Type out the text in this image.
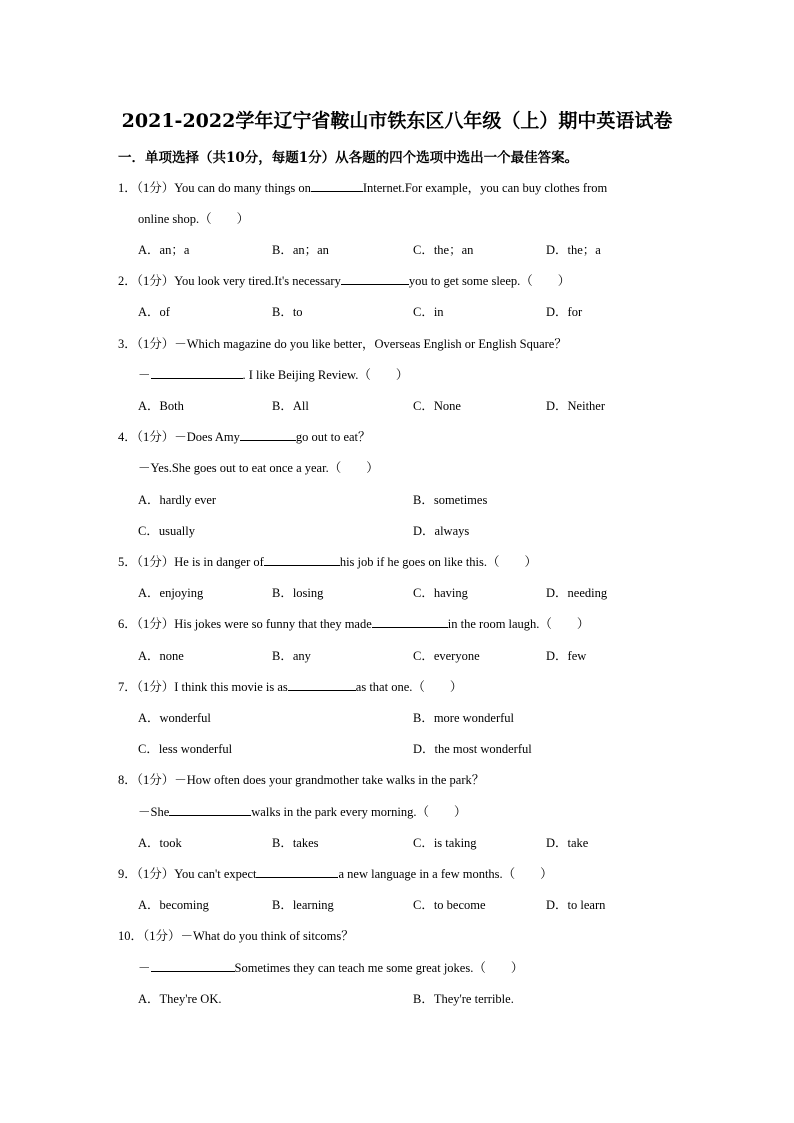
2021-2022学年辽宁省鞍山市铁东区八年级（上）期中英语试卷
一．单项选择（共10分，每题1分）从各题的四个选项中选出一个最佳答案。
1．（1分）You can do many things on	Internet.For example，you can buy clothes from
online shop.（　　）
A．an；a	B．an；an	C．the；an	D．the；a
2．（1分）You look very tired.It's necessary	you to get some sleep.（　　）
A．of	B．to	C．in	D．for
3．（1分）－Which magazine do you like better，Overseas English or English Square？
－	. I like Beijing Review.（　　）
A．Both	B．All	C．None	D．Neither
4．（1分）－Does Amy	go out to eat？
－Yes.She goes out to eat once a year.（　　）
A．hardly ever	B．sometimes
C．usually	D．always
5．（1分）He is in danger of	his job if he goes on like this.（　　）
A．enjoying	B．losing	C．having	D．needing
6．（1分）His jokes were so funny that they made	in the room laugh.（　　）
A．none	B．any	C．everyone	D．few
7．（1分）I think this movie is as	as that one.（　　）
A．wonderful	B．more wonderful
C．less wonderful	D．the most wonderful
8．（1分）－How often does your grandmother take walks in the park？
－She	walks in the park every morning.（　　）
A．took	B．takes	C．is taking	D．take
9．（1分）You can't expect	a new language in a few months.（　　）
A．becoming	B．learning	C．to become	D．to learn
10．（1分）－What do you think of sitcoms？
－	Sometimes they can teach me some great jokes.（　　）
A．They're OK.	B．They're terrible.
